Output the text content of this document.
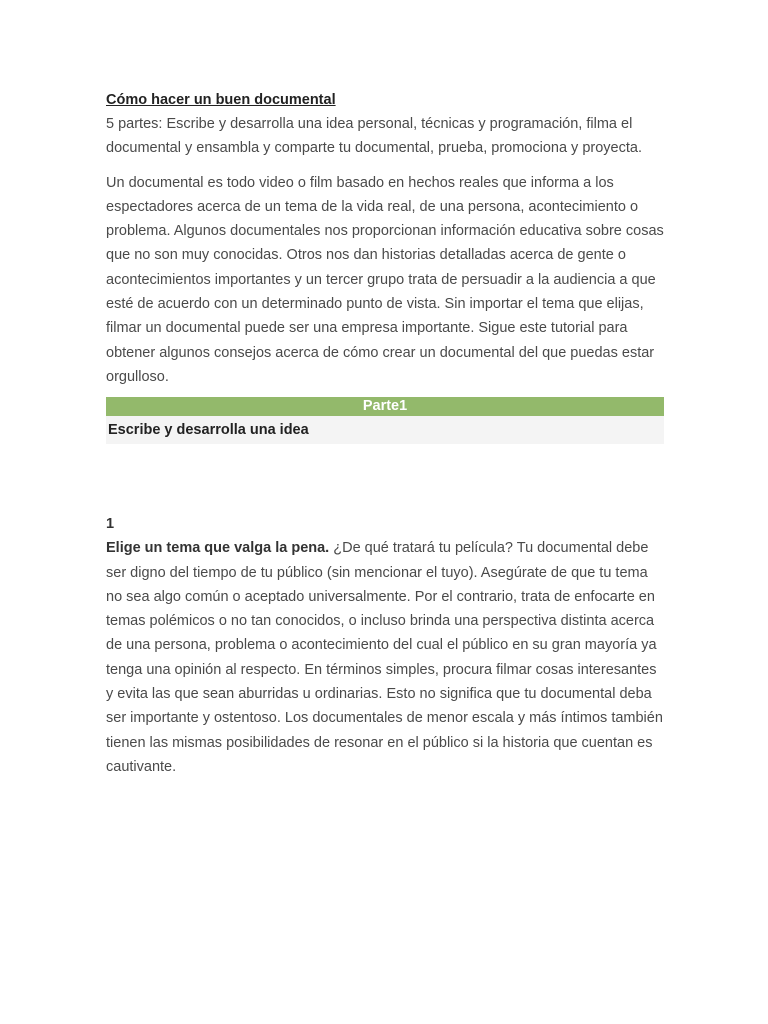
Cómo hacer un buen documental

5 partes: Escribe y desarrolla una idea personal, técnicas y programación, filma el documental y ensambla y comparte tu documental, prueba, promociona y proyecta.

Un documental es todo video o film basado en hechos reales que informa a los espectadores acerca de un tema de la vida real, de una persona, acontecimiento o problema. Algunos documentales nos proporcionan información educativa sobre cosas que no son muy conocidas. Otros nos dan historias detalladas acerca de gente o acontecimientos importantes y un tercer grupo trata de persuadir a la audiencia a que esté de acuerdo con un determinado punto de vista. Sin importar el tema que elijas, filmar un documental puede ser una empresa importante. Sigue este tutorial para obtener algunos consejos acerca de cómo crear un documental del que puedas estar orgulloso.

Parte1
Escribe y desarrolla una idea
1

Elige un tema que valga la pena. ¿De qué tratará tu película? Tu documental debe ser digno del tiempo de tu público (sin mencionar el tuyo). Asegúrate de que tu tema no sea algo común o aceptado universalmente. Por el contrario, trata de enfocarte en temas polémicos o no tan conocidos, o incluso brinda una perspectiva distinta acerca de una persona, problema o acontecimiento del cual el público en su gran mayoría ya tenga una opinión al respecto. En términos simples, procura filmar cosas interesantes y evita las que sean aburridas u ordinarias. Esto no significa que tu documental deba ser importante y ostentoso. Los documentales de menor escala y más íntimos también tienen las mismas posibilidades de resonar en el público si la historia que cuentan es cautivante.
